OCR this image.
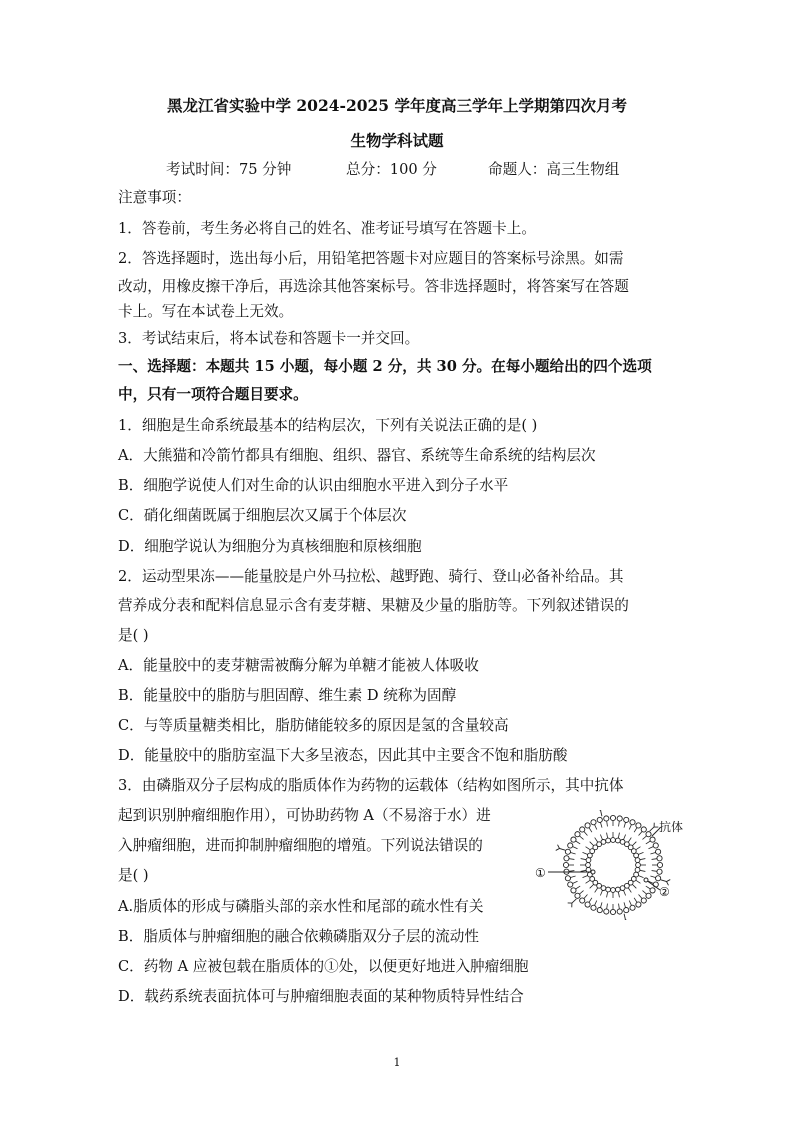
黑龙江省实验中学 2024-2025 学年度高三学年上学期第四次月考
生物学科试题
考试时间：75 分钟	总分：100 分	命题人：高三生物组
注意事项：
1．答卷前，考生务必将自己的姓名、准考证号填写在答题卡上。
2．答选择题时，选出每小后，用铅笔把答题卡对应题目的答案标号涂黑。如需
改动，用橡皮擦干净后，再选涂其他答案标号。答非选择题时，将答案写在答题
卡上。写在本试卷上无效。
3．考试结束后，将本试卷和答题卡一并交回。
一、选择题：本题共 15 小题，每小题 2 分，共 30 分。在每小题给出的四个选项
中，只有一项符合题目要求。
1．细胞是生命系统最基本的结构层次，下列有关说法正确的是( )
A．大熊猫和冷箭竹都具有细胞、组织、器官、系统等生命系统的结构层次
B．细胞学说使人们对生命的认识由细胞水平进入到分子水平
C．硝化细菌既属于细胞层次又属于个体层次
D．细胞学说认为细胞分为真核细胞和原核细胞
2．运动型果冻——能量胶是户外马拉松、越野跑、骑行、登山必备补给品。其
营养成分表和配料信息显示含有麦芽糖、果糖及少量的脂肪等。下列叙述错误的
是( )
A．能量胶中的麦芽糖需被酶分解为单糖才能被人体吸收
B．能量胶中的脂肪与胆固醇、维生素 D 统称为固醇
C．与等质量糖类相比，脂肪储能较多的原因是氢的含量较高
D．能量胶中的脂肪室温下大多呈液态，因此其中主要含不饱和脂肪酸
3．由磷脂双分子层构成的脂质体作为药物的运载体（结构如图所示，其中抗体
起到识别肿瘤细胞作用），可协助药物 A（不易溶于水）进
入肿瘤细胞，进而抑制肿瘤细胞的增殖。下列说法错误的
是( )
A.脂质体的形成与磷脂头部的亲水性和尾部的疏水性有关
B．脂质体与肿瘤细胞的融合依赖磷脂双分子层的流动性
C．药物 A 应被包载在脂质体的①处，以便更好地进入肿瘤细胞
D．载药系统表面抗体可与肿瘤细胞表面的某种物质特异性结合
抗体
①
②
1
